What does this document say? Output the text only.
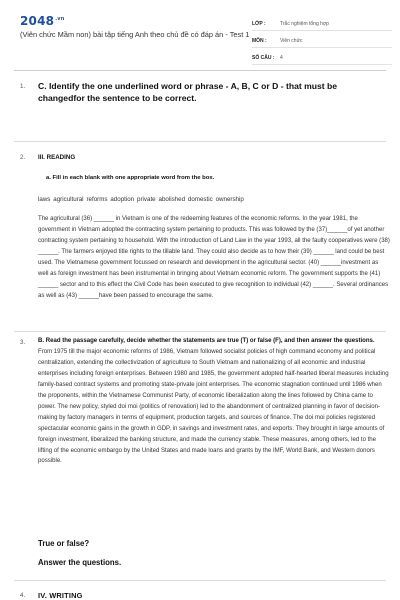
$2048^{.vn}$
(Viên chức Mầm non) bài tập tiếng Anh theo chủ đề có đáp án - Test 1
LỚP :	Trắc nghiệm tổng hợp
MÔN :	Viên chức
SỐ CÂU :	4
1. C. Identify the one underlined word or phrase - A, B, C or D - that must be changedfor the sentence to be correct.
2. III. READING
a. Fill in each blank with one appropriate word from the box.
laws agricultural reforms adoption private abolished domestic ownership
The agricultural (36) ______ in Vietnam is one of the redeeming features of the economic reforms. In the year 1981, the government in Vietnam adopted the contracting system pertaining to products. This was followed by the (37)______of yet another contracting system pertaining to household. With the introduction of Land Law in the year 1993, all the faulty cooperatives were (38) ______. The farmers enjoyed title rights to the tillable land. They could also decide as to how their (39) ______ land could be best used. The Vietnamese government focussed on research and development in the agricultural sector. (40) ______investment as well as foreign investment has been instrumental in bringing about Vietnam economic reform. The government supports the (41) ______ sector and to this effect the Civil Code has been executed to give recognition to individual (42) ______. Several ordinances as well as (43) ______have been passed to encourage the same.
3. B. Read the passage carefully, decide whether the statements are true (T) or false (F), and then answer the questions. From 1975 till the major economic reforms of 1986, Vietnam followed socialist policies of high command economy and political centralization, extending the collectivization of agriculture to South Vietnam and nationalizing of all economic and industrial enterprises including foreign enterprises. Between 1980 and 1985, the government adopted half-hearted liberal measures including family-based contract systems and promoting state-private joint enterprises. The economic stagnation continued until 1986 when the proponents, within the Vietnamese Communist Party, of economic liberalization along the lines followed by China came to power. The new policy, styled doi moi (politics of renovation) led to the abandonment of centralized planning in favor of decision-making by factory managers in terms of equipment, production targets, and sources of finance. The doi moi policies registered spectacular economic gains in the growth in GDP, in savings and investment rates, and exports. They brought in large amounts of foreign investment, liberalized the banking structure, and made the currency stable. These measures, among others, led to the lifting of the economic embargo by the United States and made loans and grants by the IMF, World Bank, and Western donors possible.
True or false?
Answer the questions.
4. IV. WRITING
